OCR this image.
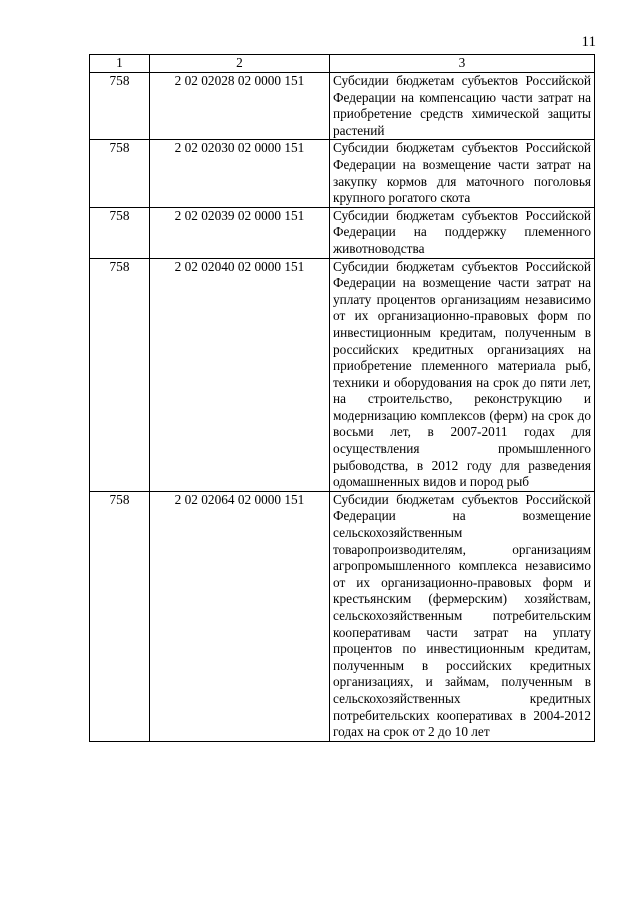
11
1	2	3
758	2 02 02028 02 0000 151	Субсидии бюджетам субъектов Российской Федерации на компенсацию части затрат на приобретение средств химической защиты растений
758	2 02 02030 02 0000 151	Субсидии бюджетам субъектов Российской Федерации на возмещение части затрат на закупку кормов для маточного поголовья крупного рогатого скота
758	2 02 02039 02 0000 151	Субсидии бюджетам субъектов Российской Федерации на поддержку племенного животноводства
758	2 02 02040 02 0000 151	Субсидии бюджетам субъектов Российской Федерации на возмещение части затрат на уплату процентов организациям независимо от их организационно-правовых форм по инвестиционным кредитам, полученным в российских кредитных организациях на приобретение племенного материала рыб, техники и оборудования на срок до пяти лет, на строительство, реконструкцию и модернизацию комплексов (ферм) на срок до восьми лет, в 2007-2011 годах для осуществления промышленного рыбоводства, в 2012 году для разведения одомашненных видов и пород рыб
758	2 02 02064 02 0000 151	Субсидии бюджетам субъектов Российской Федерации на возмещение сельскохозяйственным товаропроизводителям, организациям агропромышленного комплекса независимо от их организационно-правовых форм и крестьянским (фермерским) хозяйствам, сельскохозяйственным потребительским кооперативам части затрат на уплату процентов по инвестиционным кредитам, полученным в российских кредитных организациях, и займам, полученным в сельскохозяйственных кредитных потребительских кооперативах в 2004-2012 годах на срок от 2 до 10 лет
